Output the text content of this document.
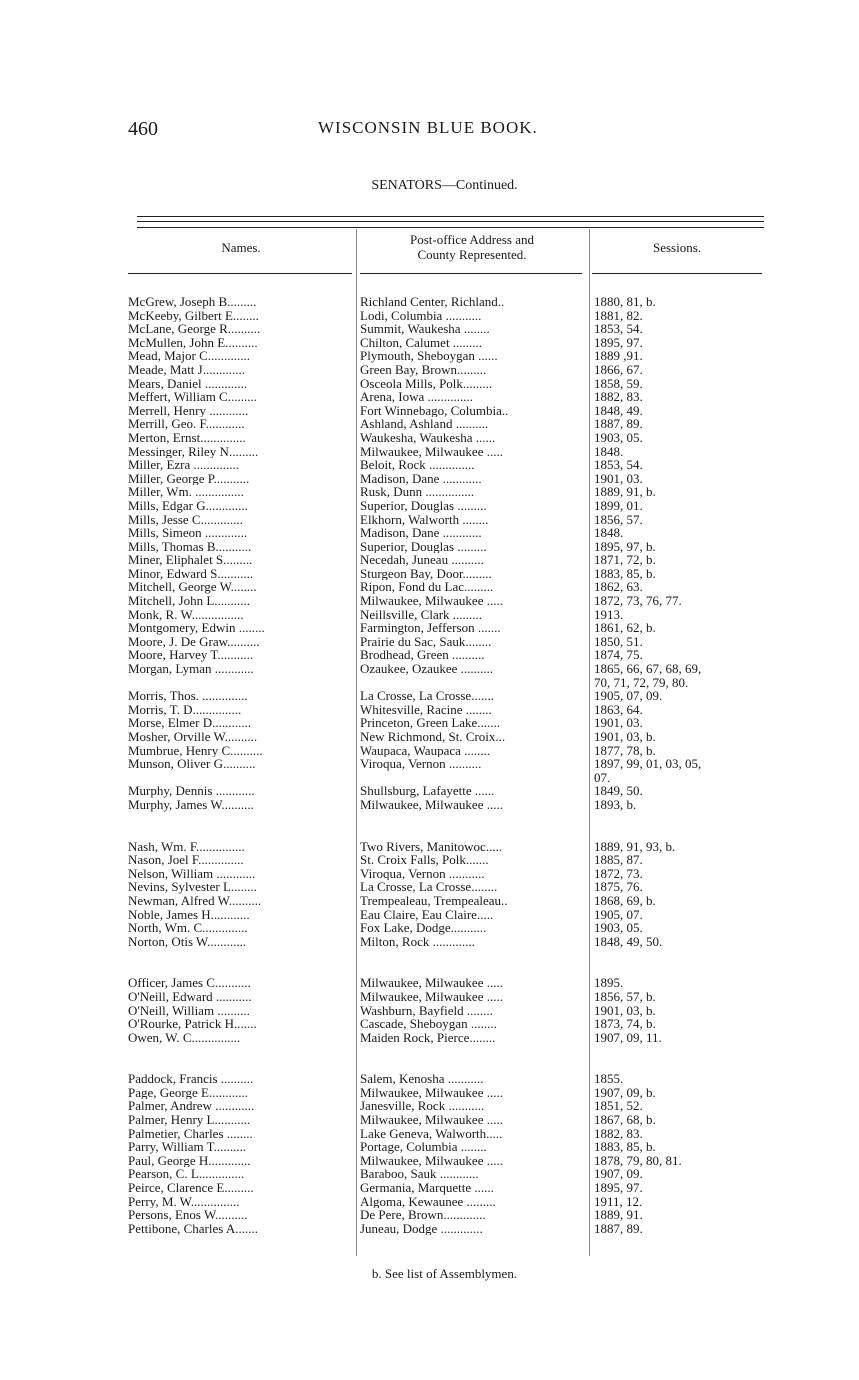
460	WISCONSIN BLUE BOOK.
SENATORS—Continued.
Names.
Post-office Address and
County Represented.	Sessions.
McGrew, Joseph B.........	Richland Center, Richland..	1880, 81, b.
McKeeby, Gilbert E........	Lodi, Columbia ...........	1881, 82.
McLane, George R..........	Summit, Waukesha ........	1853, 54.
McMullen, John E..........	Chilton, Calumet .........	1895, 97.
Mead, Major C.............	Plymouth, Sheboygan ......	1889 ,91.
Meade, Matt J.............	Green Bay, Brown.........	1866, 67.
Mears, Daniel .............	Osceola Mills, Polk.........	1858, 59.
Meffert, William C.........	Arena, Iowa ..............	1882, 83.
Merrell, Henry ............	Fort Winnebago, Columbia..	1848, 49.
Merrill, Geo. F............	Ashland, Ashland ..........	1887, 89.
Merton, Ernst..............	Waukesha, Waukesha ......	1903, 05.
Messinger, Riley N.........	Milwaukee, Milwaukee .....	1848.
Miller, Ezra ..............	Beloit, Rock ..............	1853, 54.
Miller, George P...........	Madison, Dane ............	1901, 03.
Miller, Wm. ...............	Rusk, Dunn ...............	1889, 91, b.
Mills, Edgar G.............	Superior, Douglas .........	1899, 01.
Mills, Jesse C.............	Elkhorn, Walworth ........	1856, 57.
Mills, Simeon .............	Madison, Dane ............	1848.
Mills, Thomas B...........	Superior, Douglas .........	1895, 97, b.
Miner, Eliphalet S.........	Necedah, Juneau ..........	1871, 72, b.
Minor, Edward S...........	Sturgeon Bay, Door.........	1883, 85, b.
Mitchell, George W........	Ripon, Fond du Lac.........	1862, 63.
Mitchell, John L...........	Milwaukee, Milwaukee .....	1872, 73, 76, 77.
Monk, R. W................	Neillsville, Clark .........	1913.
Montgomery, Edwin ........	Farmington, Jefferson .......	1861, 62, b.
Moore, J. De Graw..........	Prairie du Sac, Sauk........	1850, 51.
Moore, Harvey T...........	Brodhead, Green ..........	1874, 75.
Morgan, Lyman ............	Ozaukee, Ozaukee ..........	1865, 66, 67, 68, 69,
70, 71, 72, 79, 80.
Morris, Thos. ..............	La Crosse, La Crosse.......	1905, 07, 09.
Morris, T. D...............	Whitesville, Racine ........	1863, 64.
Morse, Elmer D............	Princeton, Green Lake.......	1901, 03.
Mosher, Orville W..........	New Richmond, St. Croix...	1901, 03, b.
Mumbrue, Henry C..........	Waupaca, Waupaca ........	1877, 78, b.
Munson, Oliver G..........	Viroqua, Vernon ..........	1897, 99, 01, 03, 05,
07.
Murphy, Dennis ............	Shullsburg, Lafayette ......	1849, 50.
Murphy, James W..........	Milwaukee, Milwaukee .....	1893, b.
Nash, Wm. F...............	Two Rivers, Manitowoc.....	1889, 91, 93, b.
Nason, Joel F..............	St. Croix Falls, Polk.......	1885, 87.
Nelson, William ............	Viroqua, Vernon ...........	1872, 73.
Nevins, Sylvester L........	La Crosse, La Crosse........	1875, 76.
Newman, Alfred W..........	Trempealeau, Trempealeau..	1868, 69, b.
Noble, James H............	Eau Claire, Eau Claire.....	1905, 07.
North, Wm. C..............	Fox Lake, Dodge...........	1903, 05.
Norton, Otis W............	Milton, Rock .............	1848, 49, 50.
Officer, James C...........	Milwaukee, Milwaukee .....	1895.
O'Neill, Edward ...........	Milwaukee, Milwaukee .....	1856, 57, b.
O'Neill, William ..........	Washburn, Bayfield ........	1901, 03, b.
O'Rourke, Patrick H.......	Cascade, Sheboygan ........	1873, 74, b.
Owen, W. C...............	Maiden Rock, Pierce........	1907, 09, 11.
Paddock, Francis ..........	Salem, Kenosha ...........	1855.
Page, George E............	Milwaukee, Milwaukee .....	1907, 09, b.
Palmer, Andrew ............	Janesville, Rock ...........	1851, 52.
Palmer, Henry L...........	Milwaukee, Milwaukee .....	1867, 68, b.
Palmetier, Charles ........	Lake Geneva, Walworth.....	1882, 83.
Parry, William T..........	Portage, Columbia ........	1883, 85, b.
Paul, George H.............	Milwaukee, Milwaukee .....	1878, 79, 80, 81.
Pearson, C. L..............	Baraboo, Sauk ............	1907, 09.
Peirce, Clarence E.........	Germania, Marquette ......	1895, 97.
Perry, M. W...............	Algoma, Kewaunee .........	1911, 12.
Persons, Enos W..........	De Pere, Brown.............	1889, 91.
Pettibone, Charles A.......	Juneau, Dodge .............	1887, 89.
b. See list of Assemblymen.
